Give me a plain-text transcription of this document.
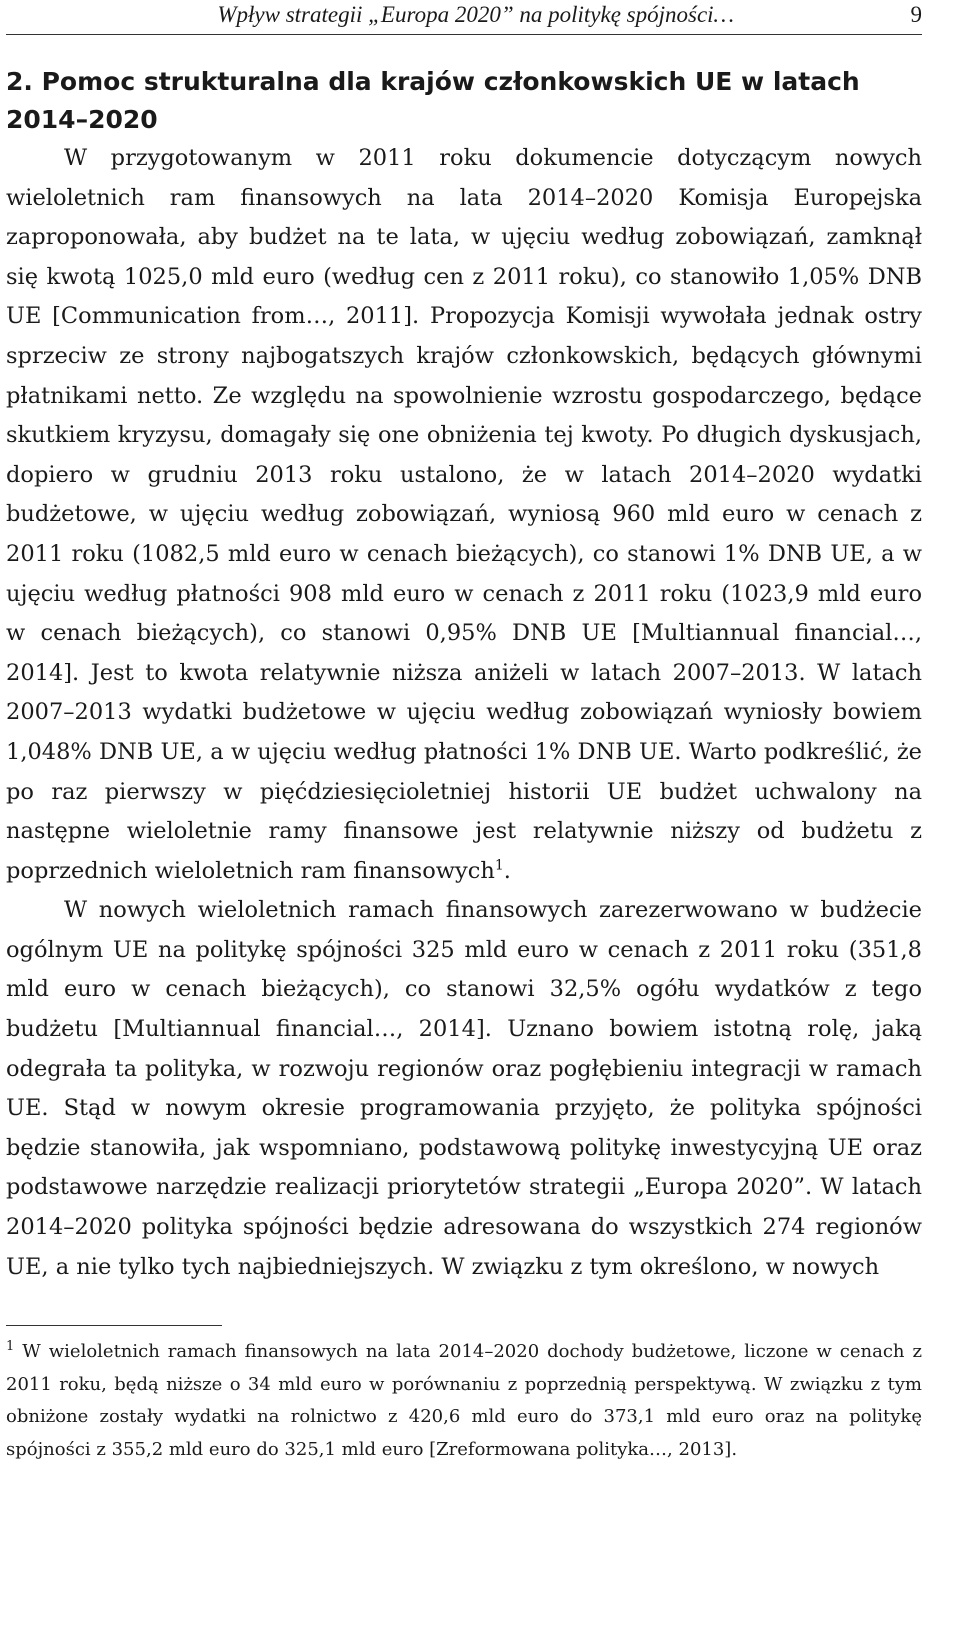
Wpływ strategii „Europa 2020” na politykę spójności…	9
2. Pomoc strukturalna dla krajów członkowskich UE w latach 2014–2020

W przygotowanym w 2011 roku dokumencie dotyczącym nowych wieloletnich ram finansowych na lata 2014–2020 Komisja Europejska zaproponowała, aby budżet na te lata, w ujęciu według zobowiązań, zamknął się kwotą 1025,0 mld euro (według cen z 2011 roku), co stanowiło 1,05% DNB UE [Communication from…, 2011]. Propozycja Komisji wywołała jednak ostry sprzeciw ze strony najbogatszych krajów członkowskich, będących głównymi płatnikami netto. Ze względu na spowolnienie wzrostu gospodarczego, będące skutkiem kryzysu, domagały się one obniżenia tej kwoty. Po długich dyskusjach, dopiero w grudniu 2013 roku ustalono, że w latach 2014–2020 wydatki budżetowe, w ujęciu według zobowiązań, wyniosą 960 mld euro w cenach z 2011 roku (1082,5 mld euro w cenach bieżących), co stanowi 1% DNB UE, a w ujęciu według płatności 908 mld euro w cenach z 2011 roku (1023,9 mld euro w cenach bieżących), co stanowi 0,95% DNB UE [Multiannual financial…, 2014]. Jest to kwota relatywnie niższa aniżeli w latach 2007–2013. W latach 2007–2013 wydatki budżetowe w ujęciu według zobowiązań wyniosły bowiem 1,048% DNB UE, a w ujęciu według płatności 1% DNB UE. Warto podkreślić, że po raz pierwszy w pięćdziesięcioletniej historii UE budżet uchwalony na następne wieloletnie ramy finansowe jest relatywnie niższy od budżetu z poprzednich wieloletnich ram finansowych$^1$.

W nowych wieloletnich ramach finansowych zarezerwowano w budżecie ogólnym UE na politykę spójności 325 mld euro w cenach z 2011 roku (351,8 mld euro w cenach bieżących), co stanowi 32,5% ogółu wydatków z tego budżetu [Multiannual financial…, 2014]. Uznano bowiem istotną rolę, jaką odegrała ta polityka, w rozwoju regionów oraz pogłębieniu integracji w ramach UE. Stąd w nowym okresie programowania przyjęto, że polityka spójności będzie stanowiła, jak wspomniano, podstawową politykę inwestycyjną UE oraz podstawowe narzędzie realizacji priorytetów strategii „Europa 2020”. W latach 2014–2020 polityka spójności będzie adresowana do wszystkich 274 regionów UE, a nie tylko tych najbiedniejszych. W związku z tym określono, w nowych

$^1$ W wieloletnich ramach finansowych na lata 2014–2020 dochody budżetowe, liczone w cenach z 2011 roku, będą niższe o 34 mld euro w porównaniu z poprzednią perspektywą. W związku z tym obniżone zostały wydatki na rolnictwo z 420,6 mld euro do 373,1 mld euro oraz na politykę spójności z 355,2 mld euro do 325,1 mld euro [Zreformowana polityka…, 2013].
